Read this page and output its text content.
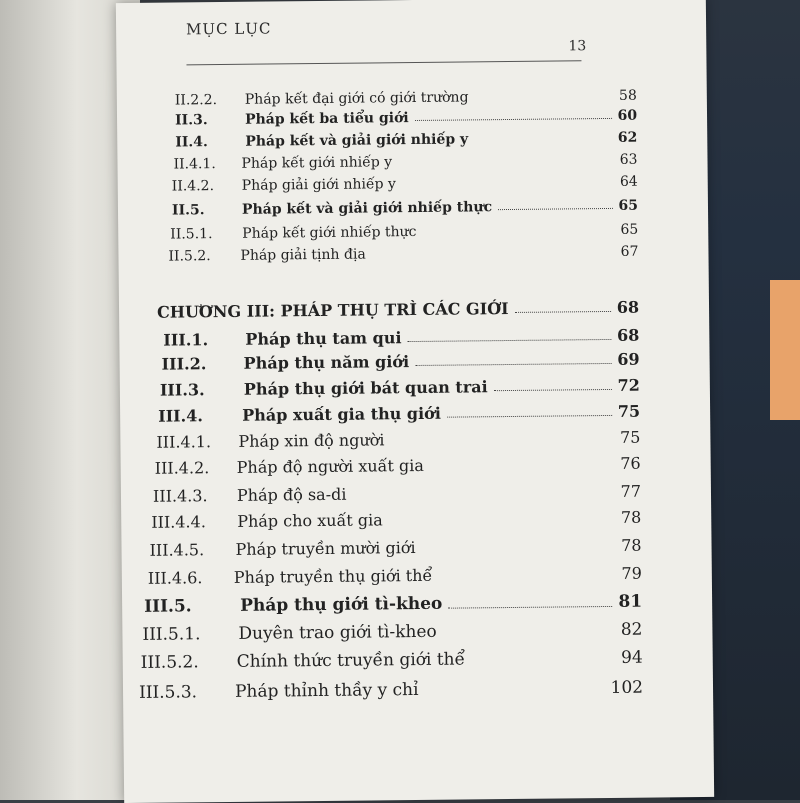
MỤC LỤC
13
II.2.2.	Pháp kết đại giới có giới trường	58
II.3.	Pháp kết ba tiểu giới	60
II.4.	Pháp kết và giải giới nhiếp y	62
II.4.1.	Pháp kết giới nhiếp y	63
II.4.2.	Pháp giải giới nhiếp y	64
II.5.	Pháp kết và giải giới nhiếp thực	65
II.5.1.	Pháp kết giới nhiếp thực	65
II.5.2.	Pháp giải tịnh địa	67
CHƯƠNG III: PHÁP THỤ TRÌ CÁC GIỚI	68
III.1.	Pháp thụ tam qui	68
III.2.	Pháp thụ năm giới	69
III.3.	Pháp thụ giới bát quan trai	72
III.4.	Pháp xuất gia thụ giới	75
III.4.1.	Pháp xin độ người	75
III.4.2.	Pháp độ người xuất gia	76
III.4.3.	Pháp độ sa-di	77
III.4.4.	Pháp cho xuất gia	78
III.4.5.	Pháp truyền mười giới	78
III.4.6.	Pháp truyền thụ giới thể	79
III.5.	Pháp thụ giới tì-kheo	81
III.5.1.	Duyên trao giới tì-kheo	82
III.5.2.	Chính thức truyền giới thể	94
III.5.3.	Pháp thỉnh thầy y chỉ	102
